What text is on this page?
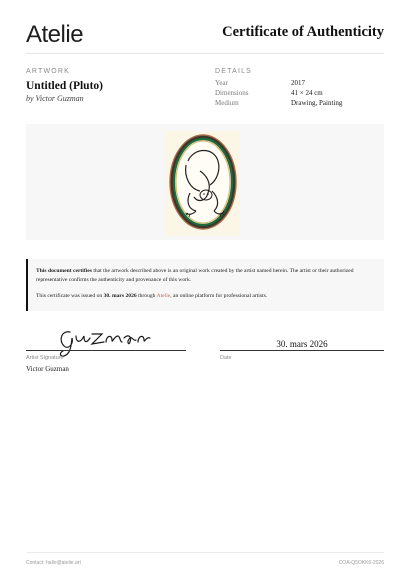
Atelie	Certificate of Authenticity
ARTWORK
Untitled (Pluto)
by Victor Guzman
DETAILS
Year	2017
Dimensions	41 × 24 cm
Medium	Drawing, Painting

This document certifies that the artwork described above is an original work created by the artist named herein. The artist or their authorized representative confirms the authenticity and provenance of this work.

This certificate was issued on 30. mars 2026 through Atelie, an online platform for professional artists.

Artist Signature
Victor Guzman
30. mars 2026
Date
Contact: hallo@atelie.art	COA-Q5OKK6-2026
